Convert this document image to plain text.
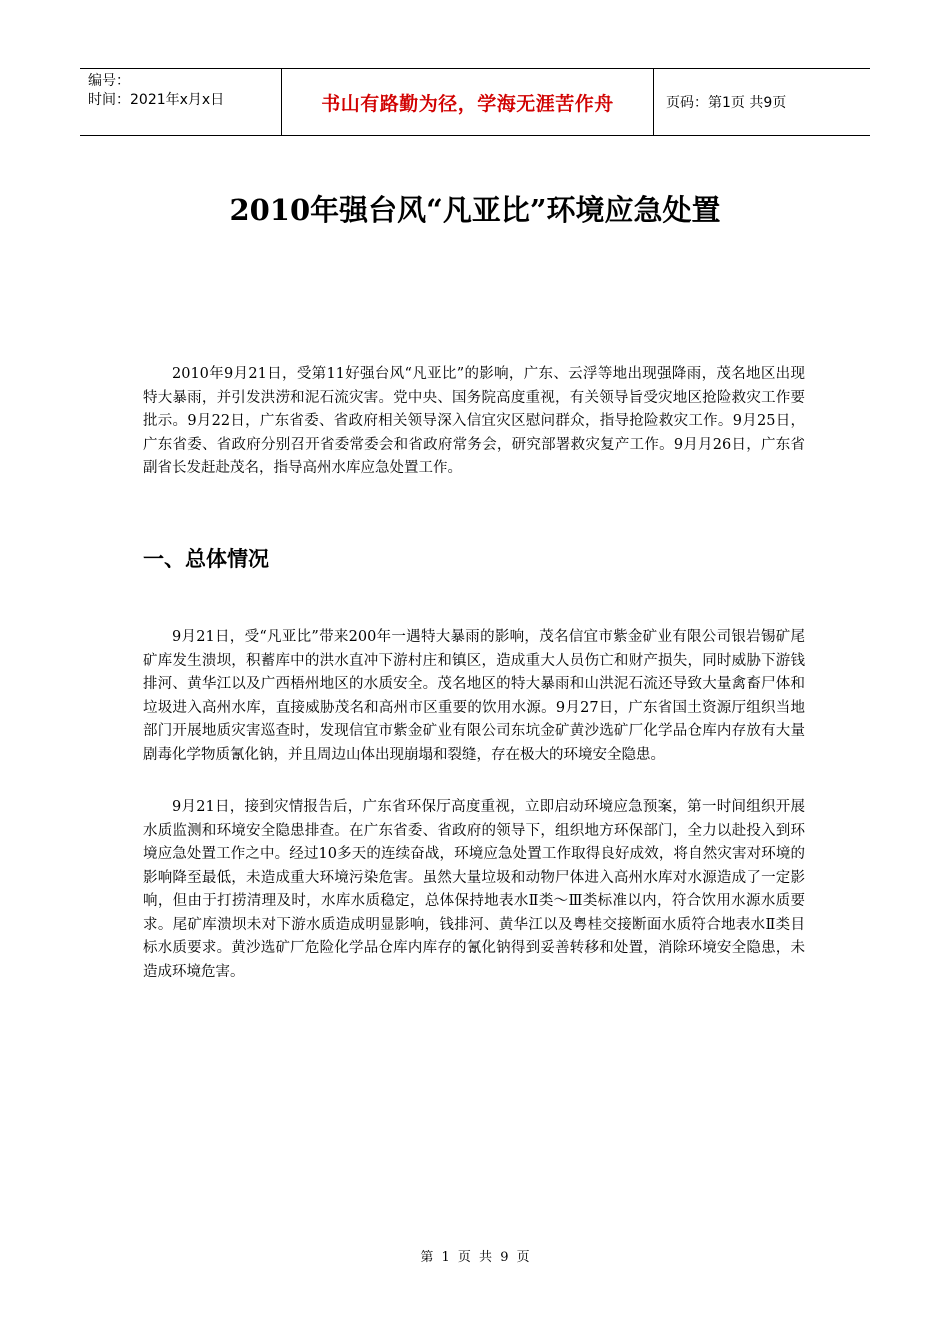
编号：
时间：2021年x月x日	书山有路勤为径，学海无涯苦作舟	页码：第1页 共9页
2010年强台风“凡亚比”环境应急处置

2010年9月21日，受第11好强台风“凡亚比”的影响，广东、云浮等地出现强降雨，茂名地区出现特大暴雨，并引发洪涝和泥石流灾害。党中央、国务院高度重视，有关领导旨受灾地区抢险救灾工作要批示。9月22日，广东省委、省政府相关领导深入信宜灾区慰问群众，指导抢险救灾工作。9月25日，广东省委、省政府分别召开省委常委会和省政府常务会，研究部署救灾复产工作。9月月26日，广东省副省长发赶赴茂名，指导高州水库应急处置工作。

一、总体情况

9月21日，受“凡亚比”带来200年一遇特大暴雨的影响，茂名信宜市紫金矿业有限公司银岩锡矿尾矿库发生溃坝，积蓄库中的洪水直冲下游村庄和镇区，造成重大人员伤亡和财产损失，同时威胁下游钱排河、黄华江以及广西梧州地区的水质安全。茂名地区的特大暴雨和山洪泥石流还导致大量禽畜尸体和垃圾进入高州水库，直接威胁茂名和高州市区重要的饮用水源。9月27日，广东省国土资源厅组织当地部门开展地质灾害巡查时，发现信宜市紫金矿业有限公司东坑金矿黄沙选矿厂化学品仓库内存放有大量剧毒化学物质氰化钠，并且周边山体出现崩塌和裂缝，存在极大的环境安全隐患。

9月21日，接到灾情报告后，广东省环保厅高度重视，立即启动环境应急预案，第一时间组织开展水质监测和环境安全隐患排查。在广东省委、省政府的领导下，组织地方环保部门，全力以赴投入到环境应急处置工作之中。经过10多天的连续奋战，环境应急处置工作取得良好成效，将自然灾害对环境的影响降至最低，未造成重大环境污染危害。虽然大量垃圾和动物尸体进入高州水库对水源造成了一定影响，但由于打捞清理及时，水库水质稳定，总体保持地表水Ⅱ类～Ⅲ类标准以内，符合饮用水源水质要求。尾矿库溃坝未对下游水质造成明显影响，钱排河、黄华江以及粤桂交接断面水质符合地表水Ⅱ类目标水质要求。黄沙选矿厂危险化学品仓库内库存的氰化钠得到妥善转移和处置，消除环境安全隐患，未造成环境危害。

第 1 页 共 9 页
